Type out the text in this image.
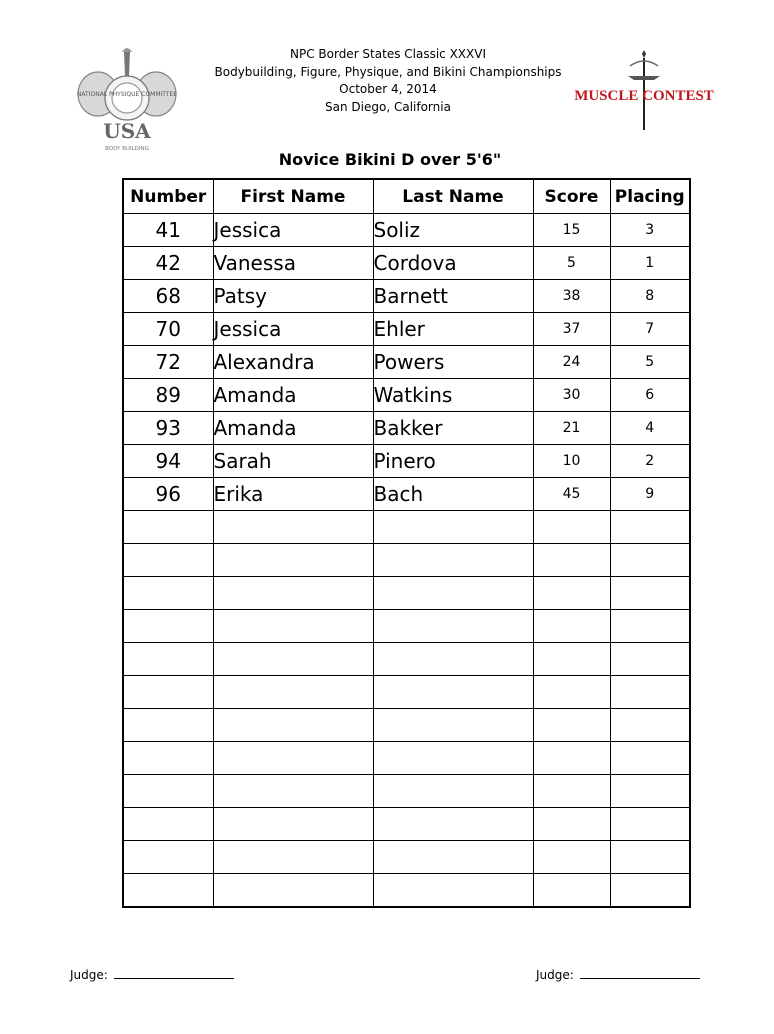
NATIONAL PHYSIQUE COMMITTEE
USA
BODY BUILDING
NPC Border States Classic XXXVI
Bodybuilding, Figure, Physique, and Bikini Championships
October 4, 2014
San Diego, California
MUSCLE CONTEST
Novice Bikini D over 5'6"
Number	First Name	Last Name	Score	Placing
41	Jessica	Soliz	15	3
42	Vanessa	Cordova	5	1
68	Patsy	Barnett	38	8
70	Jessica	Ehler	37	7
72	Alexandra	Powers	24	5
89	Amanda	Watkins	30	6
93	Amanda	Bakker	21	4
94	Sarah	Pinero	10	2
96	Erika	Bach	45	9

Judge:	Judge:
